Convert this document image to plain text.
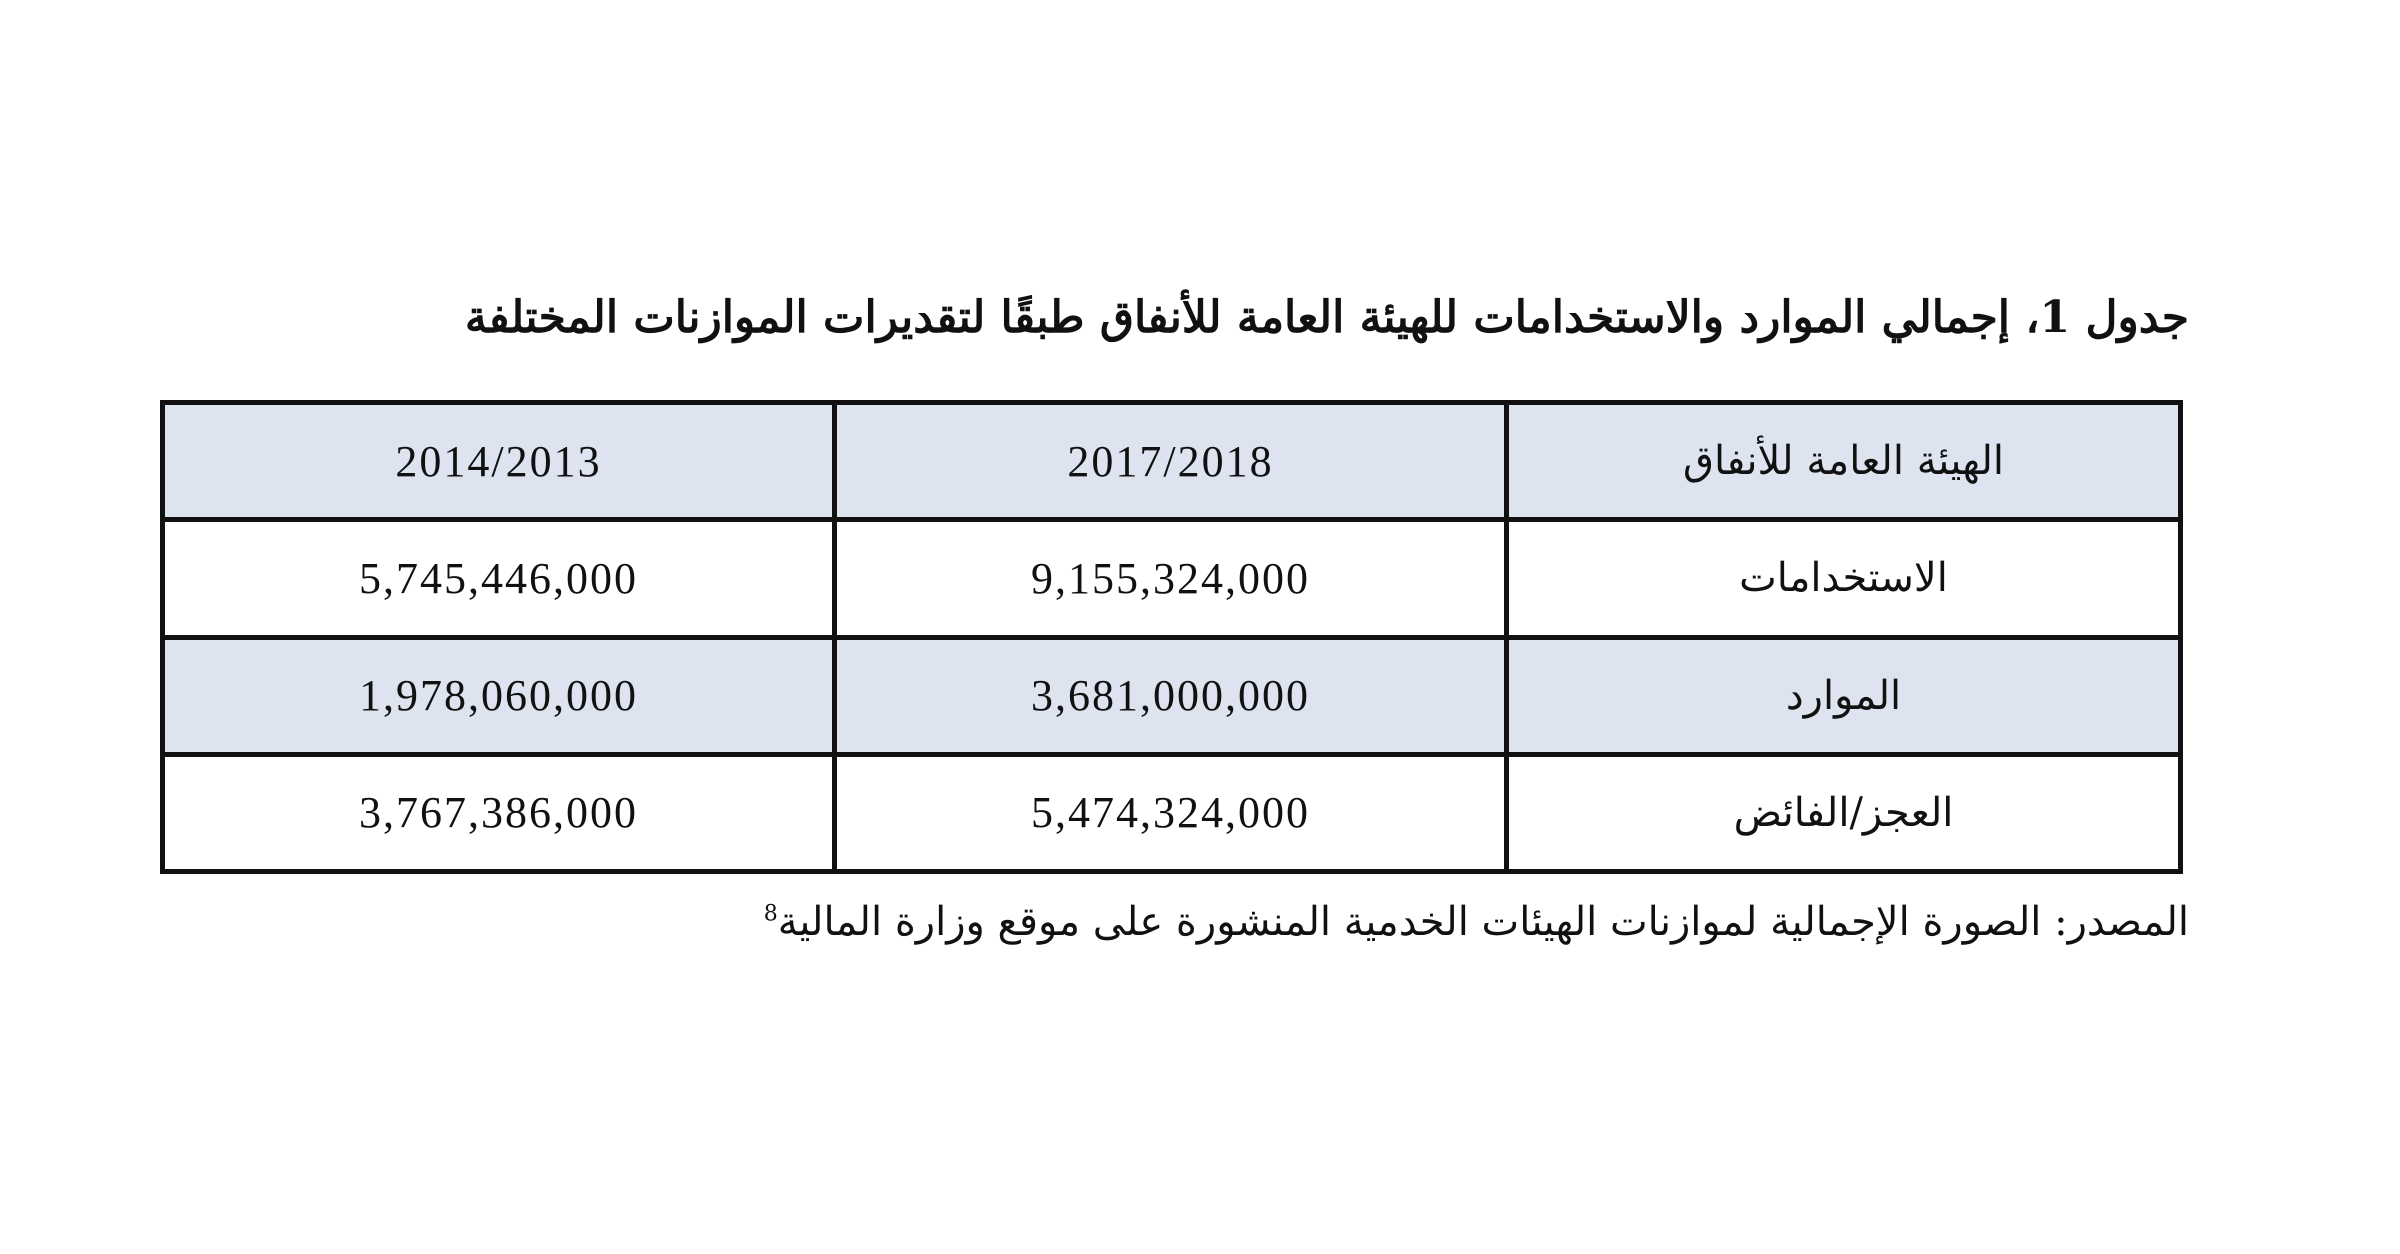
جدول 1، إجمالي الموارد والاستخدامات للهيئة العامة للأنفاق طبقًا لتقديرات الموازنات المختلفة
الهيئة العامة للأنفاق	2017/2018	2014/2013
الاستخدامات	9,155,324,000	5,745,446,000
الموارد	3,681,000,000	1,978,060,000
العجز/الفائض	5,474,324,000	3,767,386,000
المصدر: الصورة الإجمالية لموازنات الهيئات الخدمية المنشورة على موقع وزارة المالية$^8$
